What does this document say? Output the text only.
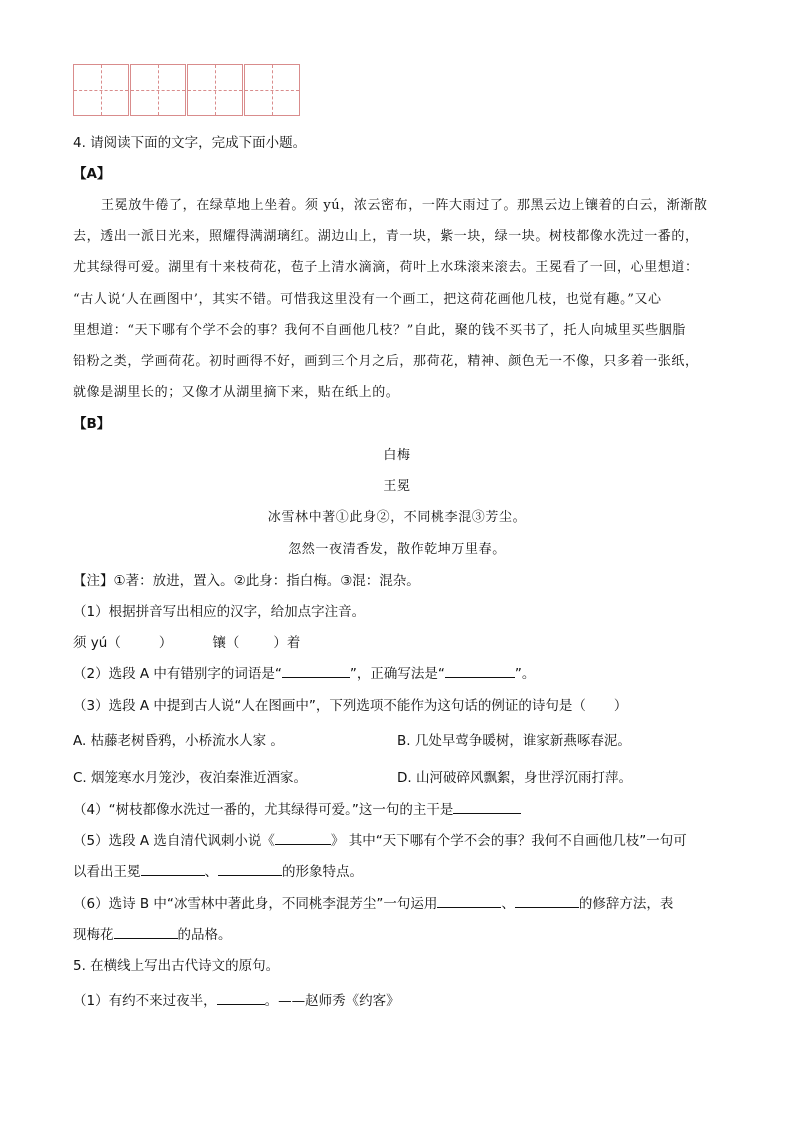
4. 请阅读下面的文字，完成下面小题。
【A】
王冕放牛倦了，在绿草地上坐着。须 yú，浓云密布，一阵大雨过了。那黑云边上镶着的白云，渐渐散
去，透出一派日光来，照耀得满湖璃红。湖边山上，青一块，紫一块，绿一块。树枝都像水洗过一番的，
尤其绿得可爱。湖里有十来枝荷花，苞子上清水滴滴，荷叶上水珠滚来滚去。王冕看了一回，心里想道：
“古人说‘人在画图中’，其实不错。可惜我这里没有一个画工，把这荷花画他几枝，也觉有趣。”又心
里想道：“天下哪有个学不会的事？我何不自画他几枝？”自此，聚的钱不买书了，托人向城里买些胭脂
铅粉之类，学画荷花。初时画得不好，画到三个月之后，那荷花，精神、颜色无一不像，只多着一张纸，
就像是湖里长的；又像才从湖里摘下来，贴在纸上的。
【B】
白梅
王冕
冰雪林中著①此身②，不同桃李混③芳尘。
忽然一夜清香发，散作乾坤万里春。
【注】①著：放进，置入。②此身：指白梅。③混：混杂。
（1）根据拼音写出相应的汉字，给加点字注音。
须 yú（	）	镶（	）着
（2）选段 A 中有错别字的词语是“	”，正确写法是“	”。
（3）选段 A 中提到古人说“人在图画中”，下列选项不能作为这句话的例证的诗句是（ ）
A. 枯藤老树昏鸦，小桥流水人家 。	B. 几处早莺争暖树，谁家新燕啄春泥。
C. 烟笼寒水月笼沙，夜泊秦淮近酒家。	D. 山河破碎风飘絮，身世浮沉雨打萍。
（4）“树枝都像水洗过一番的，尤其绿得可爱。”这一句的主干是
（5）选段 A 选自清代讽刺小说《	》 其中“天下哪有个学不会的事？我何不自画他几枝”一句可
以看出王冕	、	的形象特点。
（6）选诗 B 中“冰雪林中著此身，不同桃李混芳尘”一句运用	、	的修辞方法，表
现梅花	的品格。
5. 在横线上写出古代诗文的原句。
（1）有约不来过夜半，	。——赵师秀《约客》
